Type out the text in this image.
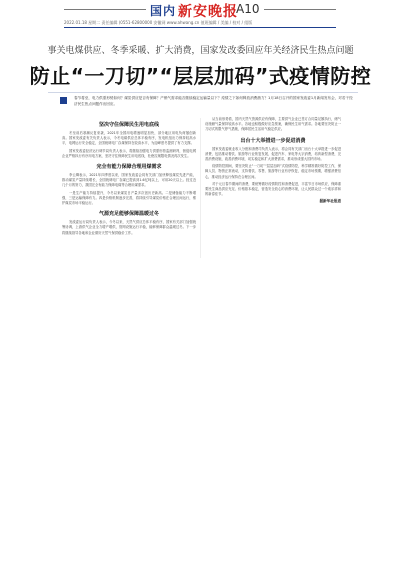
国内 新安晚报
A10
2022.01.18 星期二 责任编辑 (0551-62800000 安徽网 www.ahwang.cn 值班编辑 / 美编 / 校对 / 组版
事关电煤供应、冬季采暖、扩大消费，国家发改委回应年关经济民生热点问题
防止“一刀切”“层层加码”式疫情防控
春节将至，电力供需形势如何？煤炭供应是否有保障？产销气需求能否继续稳定运输量以下？疫情之下如何释放消费潜力？1月18日召开的国家发改委1月新闻发布会，对若干经济民生热点问题作出回应。
坚决守住保障民生用电底线
冬至前后寒潮反复来袭，2021年全国用电增速明显加快，部分地区用电负荷屡创新高。国家发改委有关负责人表示，今冬电煤供应总体平稳有序，发电机组出力保持较高水平，电网运行安全稳定，全国统调电厂存煤保持在较高水平，为迎峰度冬提供了有力支撑。
国家发改委经济运行调节局负责人表示，将继续加强电力供需形势监测研判，督促电网企业严格执行有序用电方案，坚决守住保障民生用电底线，杜绝拉闸限电情况再次发生。
完全有能力保障合理用煤需求
李云卿表示，2021年四季度以来，国家发改委会同有关部门加快释放煤炭先进产能，推动煤炭产量持续增长，全国统调电厂存煤已提高到1.6亿吨以上，可用20天以上。经过近几个月的努力，我国完全有能力保障电煤等合理用煤需求。
一是生产能力持续提升，今冬以来煤炭日产量多次创历史新高。二是储备能力不断增强，三是运输保障有力。四是价格机制逐步完善，将持续引导煤炭价格在合理区间运行，维护煤炭市场平稳运行。
气源充足能够保障温暖过冬
发改委运行局负责人表示，今冬以来，天然气供应总体平稳有序，国家有关部门加强统筹协调，上游供气企业全力增产增供，管网设施运行平稳，能够保障群众温暖过冬。下一步将继续指导各地和企业做好天然气保供稳价工作。
从当前形势看，国内天然气资源供应有保障，主要供气企业已签订合同量足额执行，储气设施储气量保持较高水平。各地也积极做好应急预案，确保民生用气需求。各地要坚决防止一刀切式的限气停气措施，保障居民生活用气稳定供应。
出台十大举措进一步促进消费
国家发改委就业收入分配和消费司负责人表示，将会同有关部门出台十大举措进一步促进消费，包括推动餐饮、旅游等行业恢复发展，促进汽车、家电等大宗消费，培育新型消费，完善消费设施，改善消费环境，切实稳定和扩大消费需求，推动形成强大国内市场。
疫情防控期间，要坚决防止“一刀切”“层层加码”式疫情防控，科学精准做好防控工作，保障人员、物资正常流动，支持餐饮、零售、旅游等行业有序恢复，稳定市场预期，增强消费信心，推动经济运行保持在合理区间。
对于元旦春节期间的消费，要统筹做好疫情防控和消费促进，丰富节日市场供应，保障重要民生商品供应充足、价格基本稳定，营造安全放心的消费环境，让人民群众过一个欢乐祥和的新春佳节。
据新华社报道
